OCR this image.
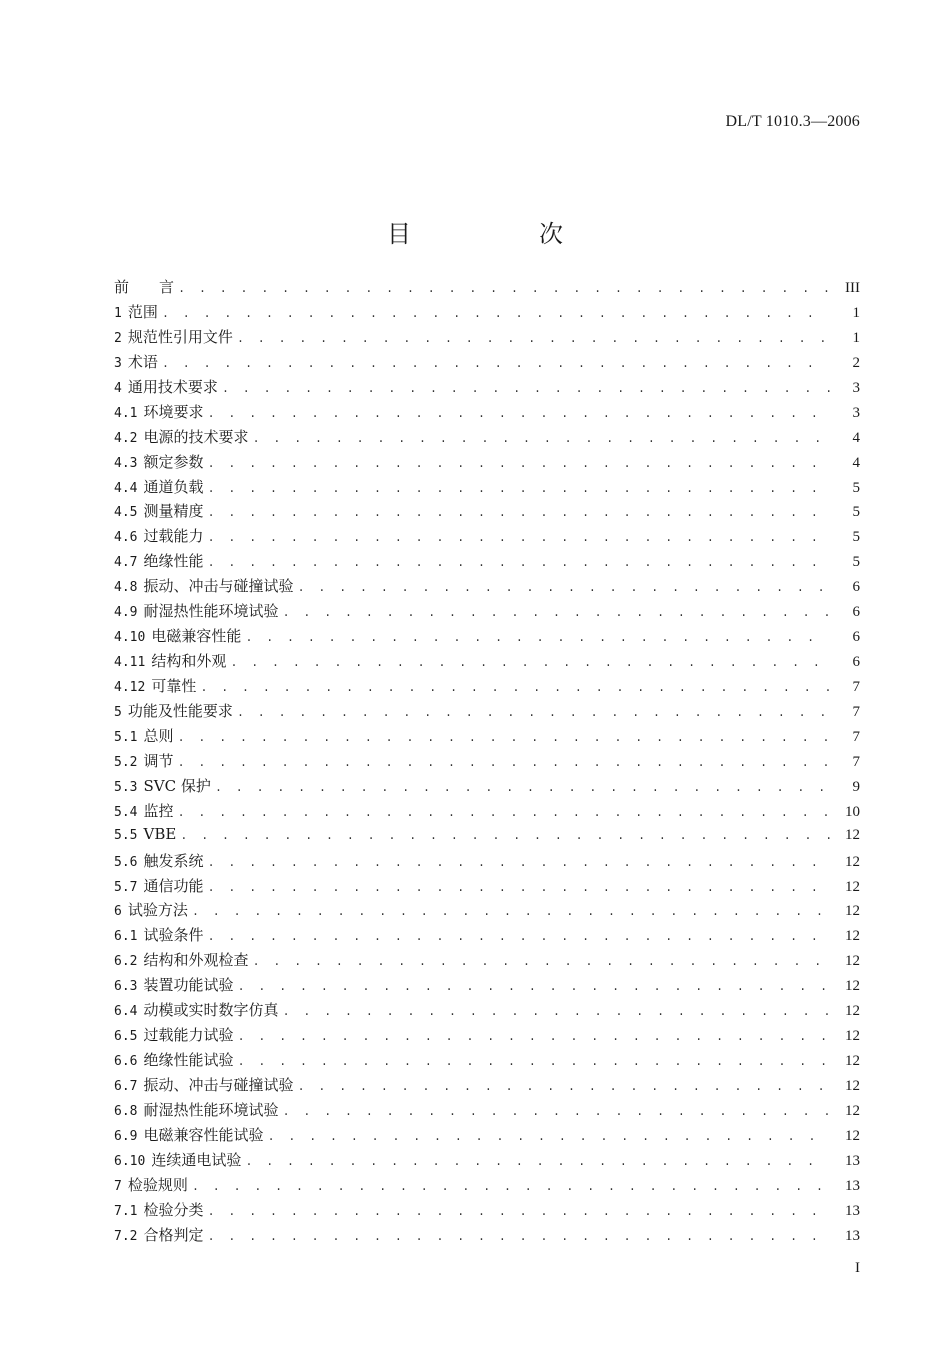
DL/T 1010.3—2006
目　次
前　　言 . . .	III
1 范围 . . .	1
2 规范性引用文件 . . .	1
3 术语 . . .	2
4 通用技术要求 . . .	3
4.1 环境要求 . . .	3
4.2 电源的技术要求 . . .	4
4.3 额定参数 . . .	4
4.4 通道负载 . . .	5
4.5 测量精度 . . .	5
4.6 过载能力 . . .	5
4.7 绝缘性能 . . .	5
4.8 振动、冲击与碰撞试验 . . .	6
4.9 耐湿热性能环境试验 . . .	6
4.10 电磁兼容性能 . . .	6
4.11 结构和外观 . . .	6
4.12 可靠性 . . .	7
5 功能及性能要求 . . .	7
5.1 总则 . . .	7
5.2 调节 . . .	7
5.3 SVC 保护 . . .	9
5.4 监控 . . .	10
5.5 VBE . . .	12
5.6 触发系统 . . .	12
5.7 通信功能 . . .	12
6 试验方法 . . .	12
6.1 试验条件 . . .	12
6.2 结构和外观检查 . . .	12
6.3 装置功能试验 . . .	12
6.4 动模或实时数字仿真 . . .	12
6.5 过载能力试验 . . .	12
6.6 绝缘性能试验 . . .	12
6.7 振动、冲击与碰撞试验 . . .	12
6.8 耐湿热性能环境试验 . . .	12
6.9 电磁兼容性能试验 . . .	12
6.10 连续通电试验 . . .	13
7 检验规则 . . .	13
7.1 检验分类 . . .	13
7.2 合格判定 . . .	13
I
